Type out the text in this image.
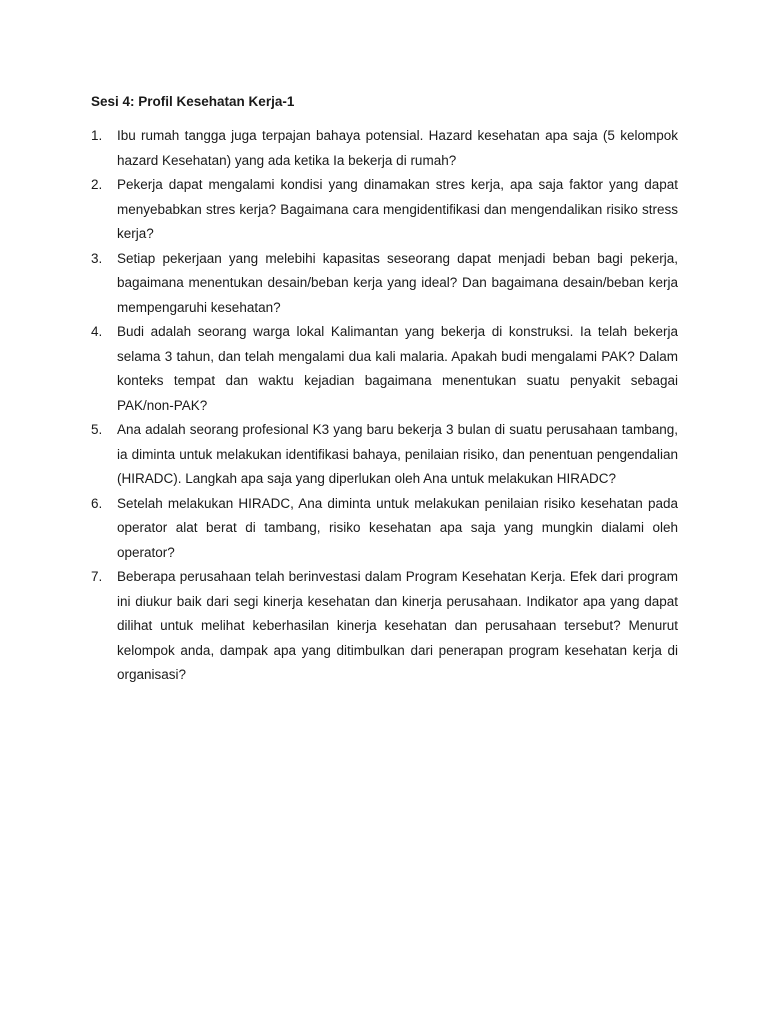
Sesi 4: Profil Kesehatan Kerja-1
1. Ibu rumah tangga juga terpajan bahaya potensial. Hazard kesehatan apa saja (5 kelompok hazard Kesehatan) yang ada ketika Ia bekerja di rumah?
2. Pekerja dapat mengalami kondisi yang dinamakan stres kerja, apa saja faktor yang dapat menyebabkan stres kerja? Bagaimana cara mengidentifikasi dan mengendalikan risiko stress kerja?
3. Setiap pekerjaan yang melebihi kapasitas seseorang dapat menjadi beban bagi pekerja, bagaimana menentukan desain/beban kerja yang ideal? Dan bagaimana desain/beban kerja mempengaruhi kesehatan?
4. Budi adalah seorang warga lokal Kalimantan yang bekerja di konstruksi. Ia telah bekerja selama 3 tahun, dan telah mengalami dua kali malaria. Apakah budi mengalami PAK? Dalam konteks tempat dan waktu kejadian bagaimana menentukan suatu penyakit sebagai PAK/non-PAK?
5. Ana adalah seorang profesional K3 yang baru bekerja 3 bulan di suatu perusahaan tambang, ia diminta untuk melakukan identifikasi bahaya, penilaian risiko, dan penentuan pengendalian (HIRADC). Langkah apa saja yang diperlukan oleh Ana untuk melakukan HIRADC?
6. Setelah melakukan HIRADC, Ana diminta untuk melakukan penilaian risiko kesehatan pada operator alat berat di tambang, risiko kesehatan apa saja yang mungkin dialami oleh operator?
7. Beberapa perusahaan telah berinvestasi dalam Program Kesehatan Kerja. Efek dari program ini diukur baik dari segi kinerja kesehatan dan kinerja perusahaan. Indikator apa yang dapat dilihat untuk melihat keberhasilan kinerja kesehatan dan perusahaan tersebut? Menurut kelompok anda, dampak apa yang ditimbulkan dari penerapan program kesehatan kerja di organisasi?
